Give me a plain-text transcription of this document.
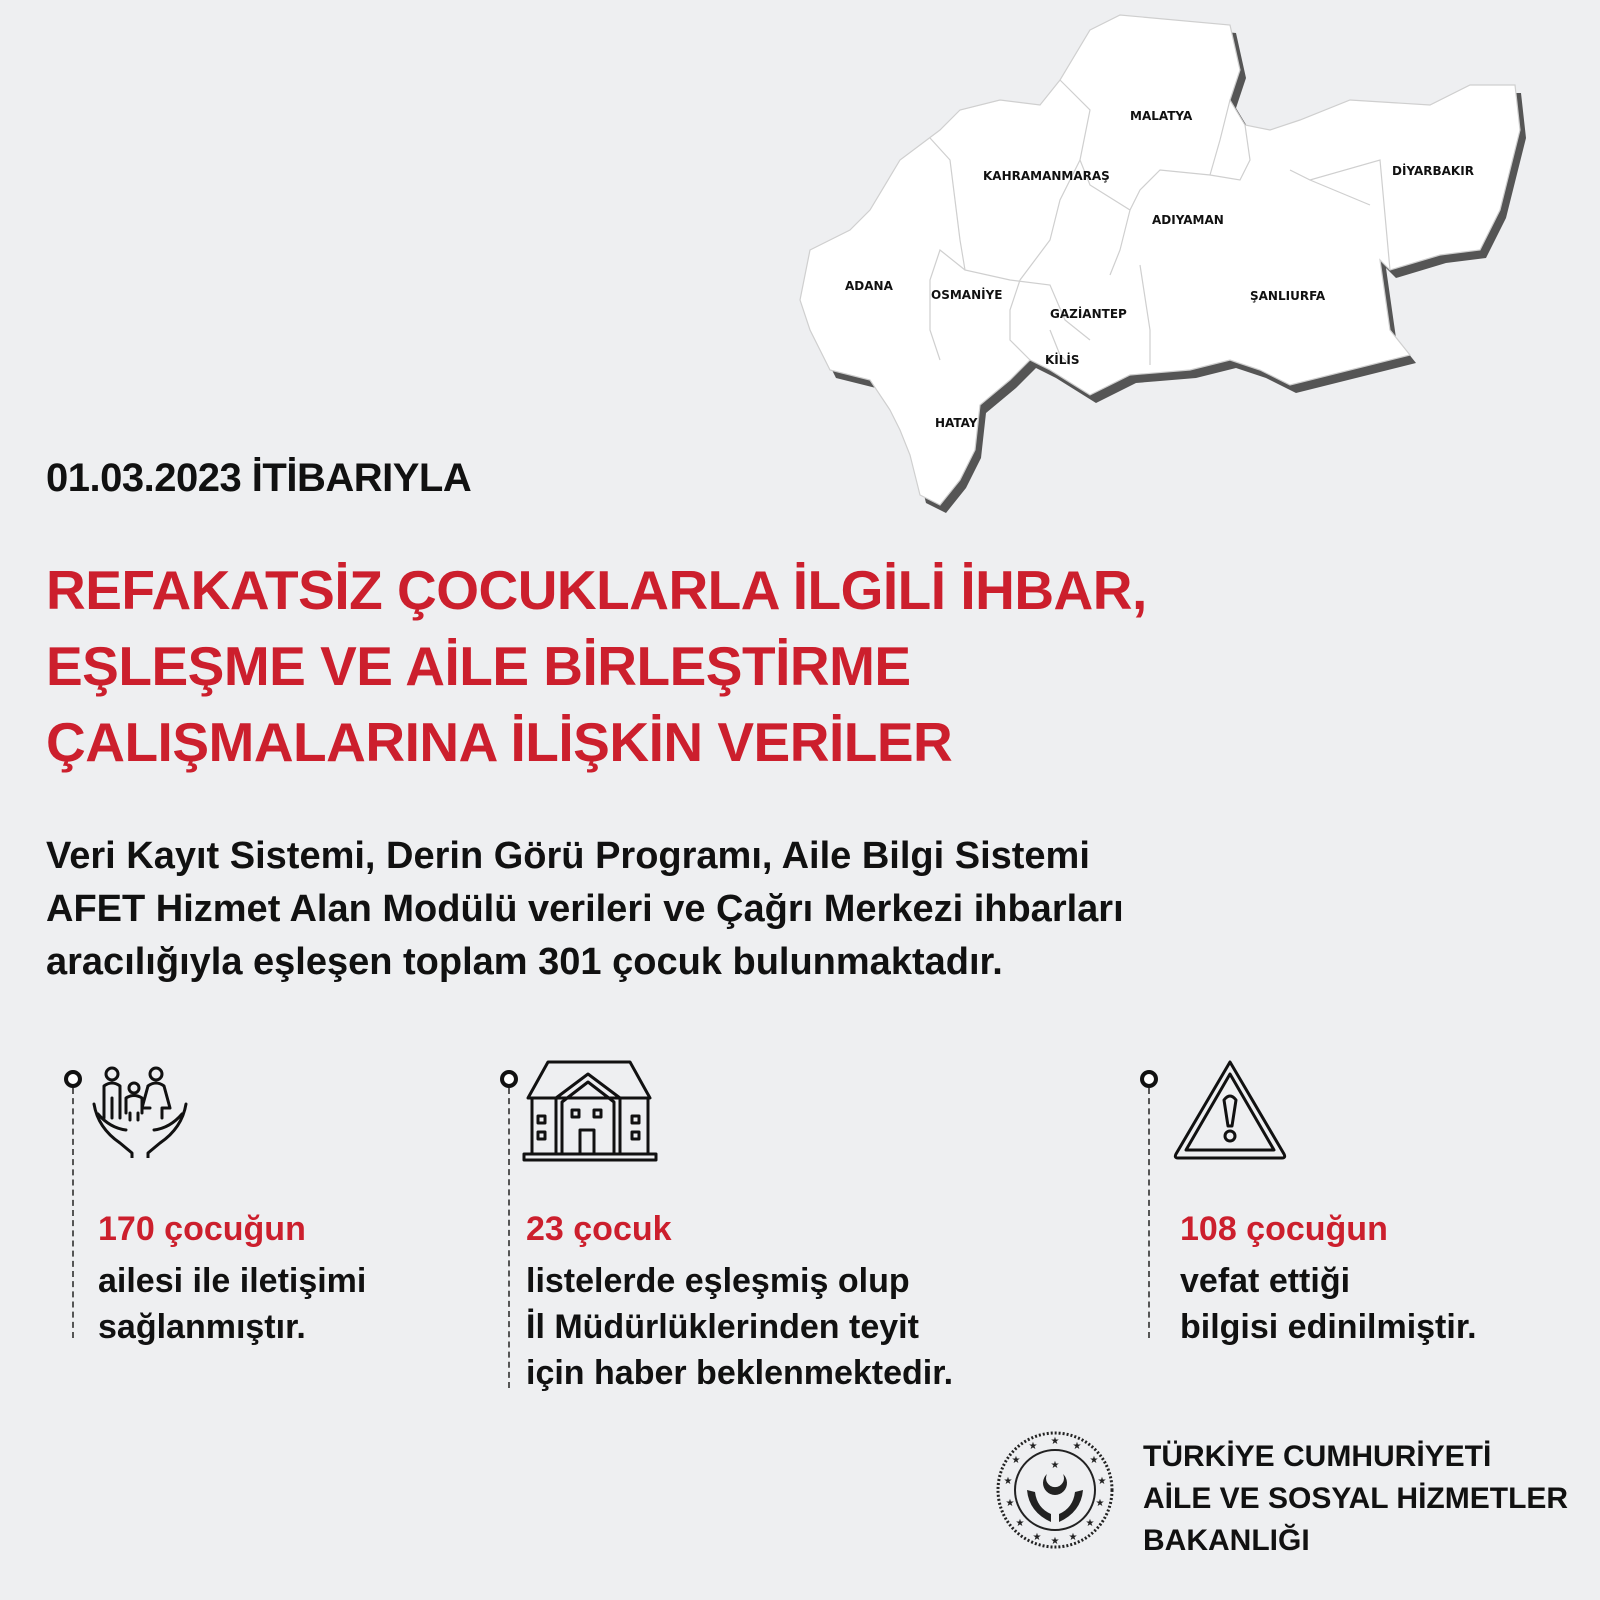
MALATYA
KAHRAMANMARAŞ	DİYARBAKIR
ADIYAMAN
ADANA
OSMANİYE
GAZİANTEP
ŞANLIURFA
KİLİS
HATAY
01.03.2023 İTİBARIYLA
REFAKATSİZ ÇOCUKLARLA İLGİLİ İHBAR,
EŞLEŞME VE AİLE BİRLEŞTİRME
ÇALIŞMALARINA İLİŞKİN VERİLER
Veri Kayıt Sistemi, Derin Görü Programı, Aile Bilgi Sistemi
AFET Hizmet Alan Modülü verileri ve Çağrı Merkezi ihbarları
aracılığıyla eşleşen toplam 301 çocuk bulunmaktadır.
170 çocuğun
ailesi ile iletişimi
sağlanmıştır.
23 çocuk
listelerde eşleşmiş olup
İl Müdürlüklerinden teyit
için haber beklenmektedir.
108 çocuğun
vefat ettiği
bilgisi edinilmiştir.
★ ★
★
★
★
★
★
★
★
★
★
★
★
★
★	TÜRKİYE CUMHURİYETİ
AİLE VE SOSYAL HİZMETLER
BAKANLIĞI
